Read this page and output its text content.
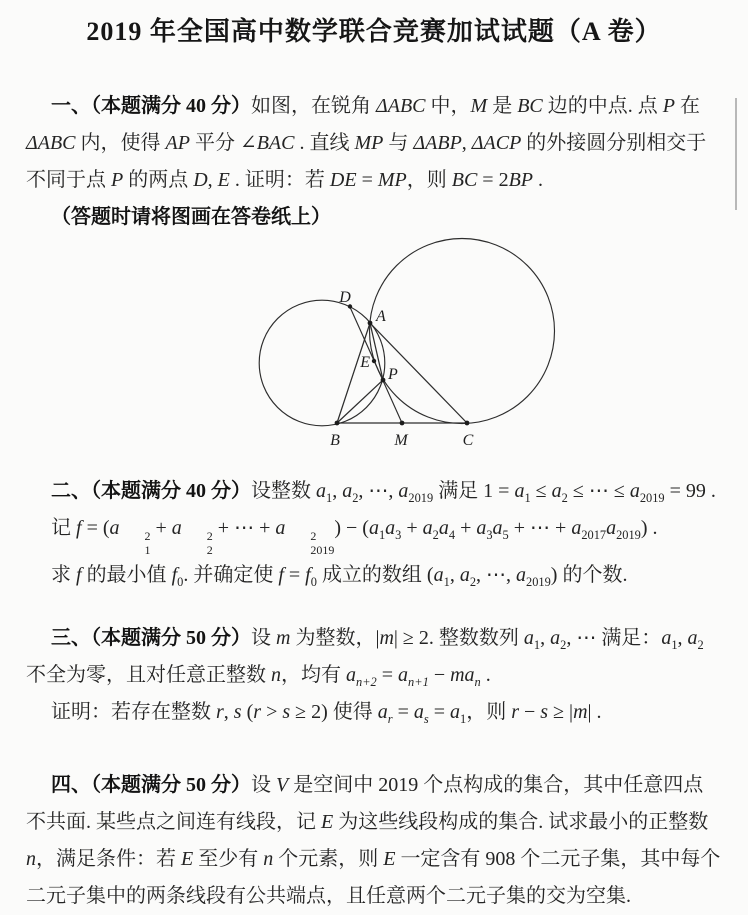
2019 年全国高中数学联合竞赛加试试题（A 卷）
一、（本题满分 40 分）如图，在锐角 ΔABC 中，M 是 BC 边的中点. 点 P 在
ΔABC 内，使得 AP 平分 ∠BAC . 直线 MP 与 ΔABP, ΔACP 的外接圆分别相交于
不同于点 P 的两点 D, E . 证明：若 DE = MP，则 BC = 2BP .
（答题时请将图画在答卷纸上）
D
A
E
P
B	M	C
二、（本题满分 40 分）设整数 $a_1$, $a_2$, ⋯, $a_{2019}$ 满足 $1 = a_1 \le a_2$ ≤ ⋯ ≤ $a_{2019} = 99$ .
记 f = (a	2
1
+ a	2
2
+ ⋯ + a	2
2019
) − ($a_1a_3 + a_2a_4 + a_3a_5$ + ⋯ + $a_{2017}a_{2019}$) .
求 f 的最小值 $f_0$. 并确定使 $f = f_0$ 成立的数组 ($a_1$, $a_2$, ⋯, $a_{2019}$) 的个数.
三、（本题满分 50 分）设 m 为整数，|m| ≥ 2. 整数数列 $a_1$, $a_2$, ⋯ 满足：$a_1$, $a_2$
不全为零，且对任意正整数 n，均有 $a_{n+2} = a_{n+1} - ma_n$ .
证明：若存在整数 r, s (r > s ≥ 2) 使得 $a_r = a_s = a_1$，则 r − s ≥ |m| .
四、（本题满分 50 分）设 V 是空间中 2019 个点构成的集合，其中任意四点
不共面. 某些点之间连有线段，记 E 为这些线段构成的集合. 试求最小的正整数
n，满足条件：若 E 至少有 n 个元素，则 E 一定含有 908 个二元子集，其中每个
二元子集中的两条线段有公共端点，且任意两个二元子集的交为空集.
